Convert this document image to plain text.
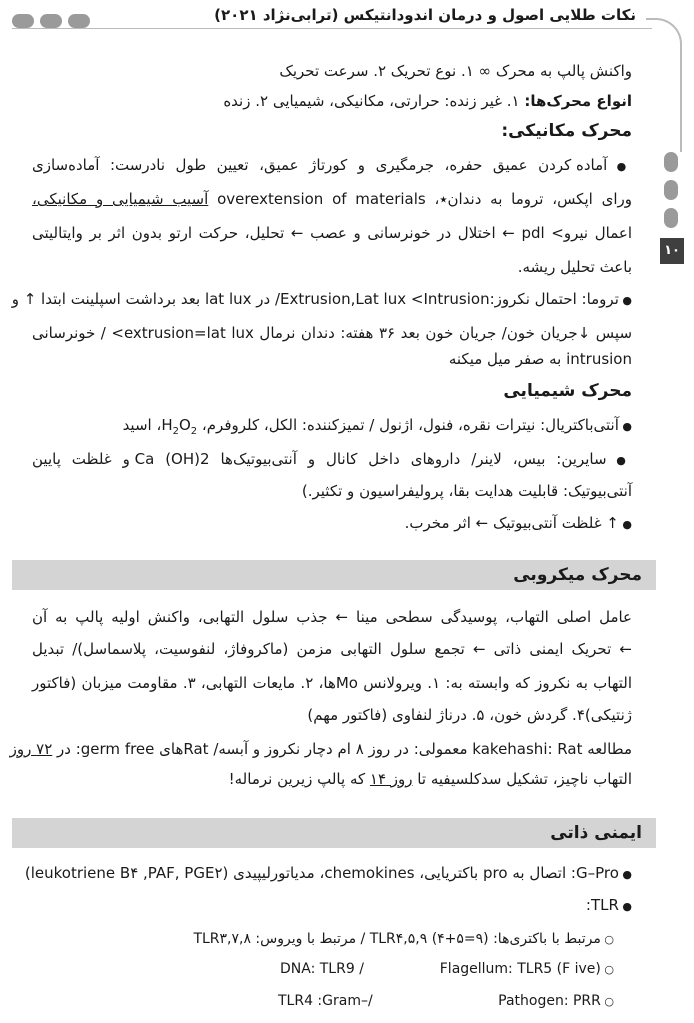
نکات طلایی اصول و درمان اندودانتیکس (ترابی‌نژاد ۲۰۲۱)
۱۰
واکنش پالپ به محرک ∞ ۱. نوع تحریک ۲. سرعت تحریک
انواع محرک‌ها: ۱. غیر زنده: حرارتی، مکانیکی، شیمیایی ۲. زنده
محرک مکانیکی:
● آماده کردن عمیق حفره، جرمگیری و کورتاژ عمیق، تعیین طول نادرست: آماده‌سازی
ورای اپکس، تروما به دندان٭، overextension of materials آسیب شیمیایی و مکانیکی،
اعمال نیرو> pdl ← اختلال در خونرسانی و عصب ← تحلیل، حرکت ارتو بدون اثر بر وایتالیتی
باعث تحلیل ریشه.
● تروما: احتمال نکروز:Extrusion,Lat lux <Intrusion/ در lat lux بعد برداشت اسپلینت ابتدا ↑ و
سپس ↓جریان خون/ جریان خون بعد ۳۶ هفته: دندان نرمال extrusion=lat lux> / خونرسانی
intrusion به صفر میل میکنه
محرک شیمیایی
● آنتی‌باکتریال: نیترات نقره، فنول، اژنول / تمیزکننده: الکل، کلروفرم، $H_2O_2،$ اسید
● سایرین: بیس، لاینر/ داروهای داخل کانال و آنتی‌بیوتیک‌ها Ca (OH)2 و غلظت پایین
آنتی‌بیوتیک: قابلیت هدایت بقا، پرولیفراسیون و تکثیر.)
● ↑ غلظت آنتی‌بیوتیک ← اثر مخرب.
محرک میکروبی
عامل اصلی التهاب، پوسیدگی سطحی مینا ← جذب سلول التهابی، واکنش اولیه پالپ به آن
← تحریک ایمنی ذاتی ← تجمع سلول التهابی مزمن (ماکروفاژ، لنفوسیت، پلاسماسل)/ تبدیل
التهاب به نکروز که وابسته به: ۱. ویرولانس Moها، ۲. مایعات التهابی، ۳. مقاومت میزبان (فاکتور
ژنتیکی)۴. گردش خون، ۵. درناژ لنفاوی (فاکتور مهم)
مطالعه kakehashi: Rat معمولی: در روز ۸ ام دچار نکروز و آبسه/ Ratهای germ free: در ۷۲ روز
التهاب ناچیز، تشکیل سدکلسیفیه تا روز ۱۴ که پالپ زیرین نرماله!
ایمنی ذاتی
● G–Pro: اتصال به pro باکتریایی، chemokines، مدیاتورلیپیدی (leukotriene B۴ ,PAF, PGE۲)
● TLR:
○ مرتبط با باکتری‌ها: TLR۴,۵,۹ (۴+۵=۹) / مرتبط با ویروس: TLR۳,۷,۸
○ Flagellum: TLR5 (F ive)
DNA: TLR9 /
○ Pathogen: PRR
TLR4 :Gram–/
